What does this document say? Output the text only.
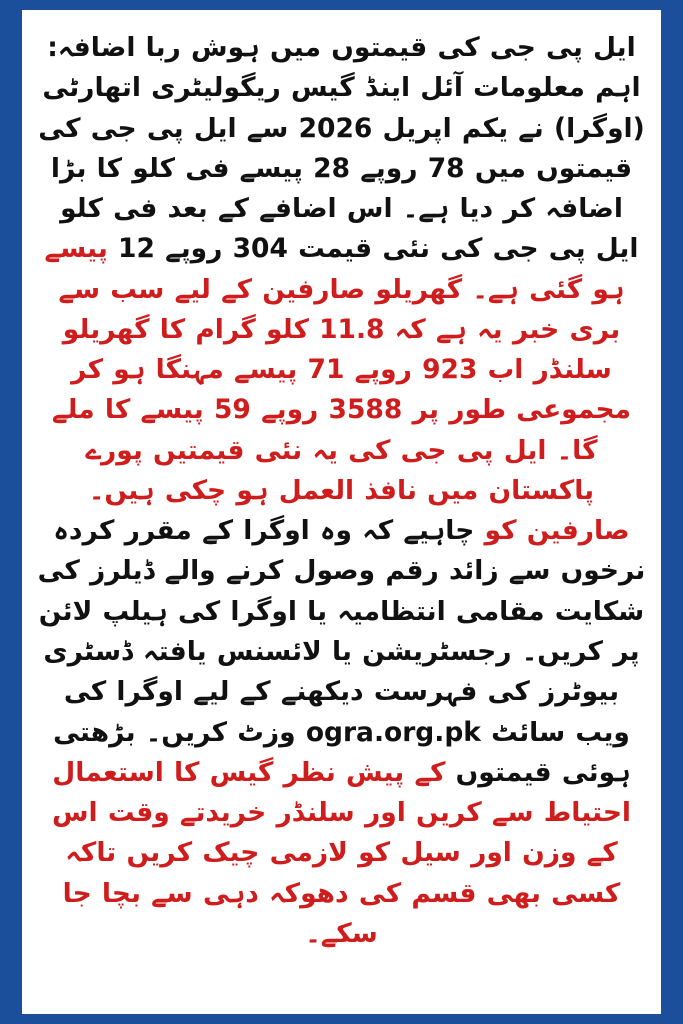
ایل پی جی کی قیمتوں میں ہوش ربا اضافہ: اہم معلومات آئل اینڈ گیس ریگولیٹری اتھارٹی (اوگرا) نے یکم اپریل 2026 سے ایل پی جی کی قیمتوں میں 78 روپے 28 پیسے فی کلو کا بڑا اضافہ کر دیا ہے۔ اس اضافے کے بعد فی کلو ایل پی جی کی نئی قیمت 304 روپے 12 پیسے ہو گئی ہے۔ گھریلو صارفین کے لیے سب سے بری خبر یہ ہے کہ 11.8 کلو گرام کا گھریلو سلنڈر اب 923 روپے 71 پیسے مہنگا ہو کر مجموعی طور پر 3588 روپے 59 پیسے کا ملے گا۔ ایل پی جی کی یہ نئی قیمتیں پورے پاکستان میں نافذ العمل ہو چکی ہیں۔ صارفین کو چاہیے کہ وہ اوگرا کے مقرر کردہ نرخوں سے زائد رقم وصول کرنے والے ڈیلرز کی شکایت مقامی انتظامیہ یا اوگرا کی ہیلپ لائن پر کریں۔ رجسٹریشن یا لائسنس یافتہ ڈسٹری بیوٹرز کی فہرست دیکھنے کے لیے اوگرا کی ویب سائٹ ogra.org.pk وزٹ کریں۔ بڑھتی ہوئی قیمتوں کے پیش نظر گیس کا استعمال احتیاط سے کریں اور سلنڈر خریدتے وقت اس کے وزن اور سیل کو لازمی چیک کریں تاکہ کسی بھی قسم کی دھوکہ دہی سے بچا جا سکے۔
